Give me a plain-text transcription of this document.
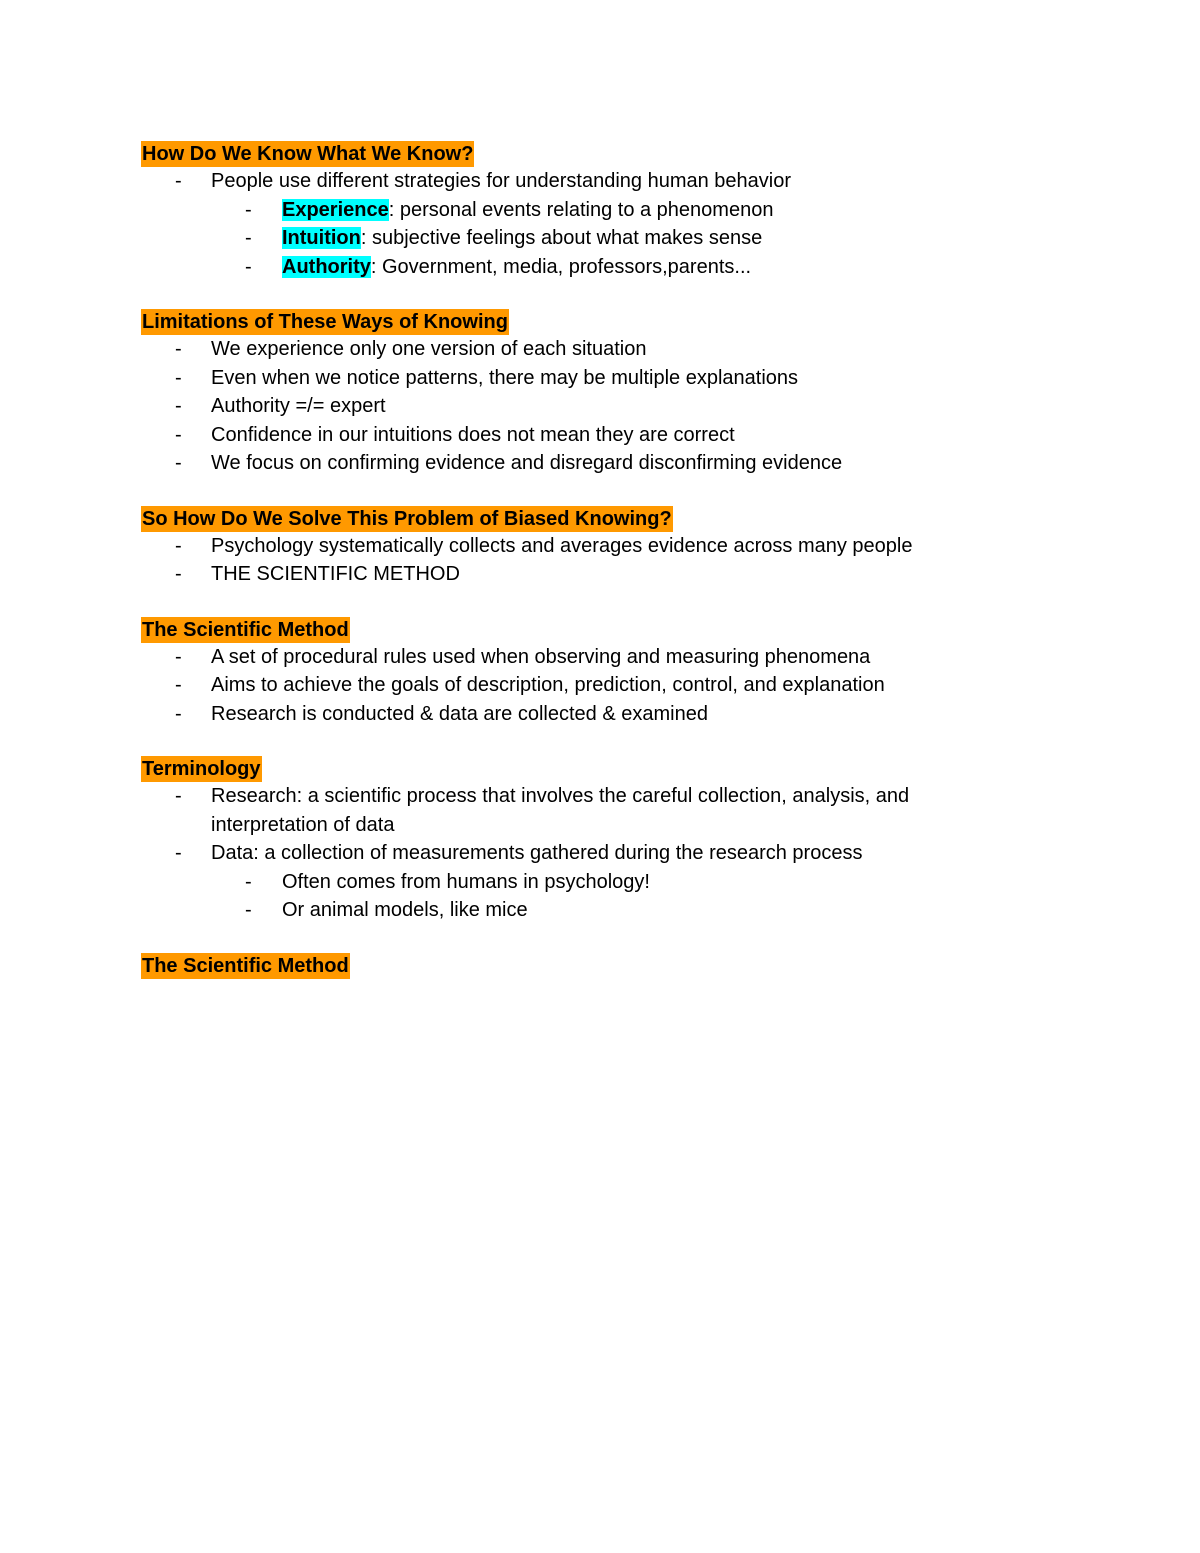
How Do We Know What We Know?
- People use different strategies for understanding human behavior
- Experience: personal events relating to a phenomenon
- Intuition: subjective feelings about what makes sense
- Authority: Government, media, professors,parents...
Limitations of These Ways of Knowing
- We experience only one version of each situation
- Even when we notice patterns, there may be multiple explanations
- Authority =/= expert
- Confidence in our intuitions does not mean they are correct
- We focus on confirming evidence and disregard disconfirming evidence
So How Do We Solve This Problem of Biased Knowing?
- Psychology systematically collects and averages evidence across many people
- THE SCIENTIFIC METHOD
The Scientific Method
- A set of procedural rules used when observing and measuring phenomena
- Aims to achieve the goals of description, prediction, control, and explanation
- Research is conducted & data are collected & examined
Terminology
- Research: a scientific process that involves the careful collection, analysis, and
interpretation of data
- Data: a collection of measurements gathered during the research process
- Often comes from humans in psychology!
- Or animal models, like mice
The Scientific Method
